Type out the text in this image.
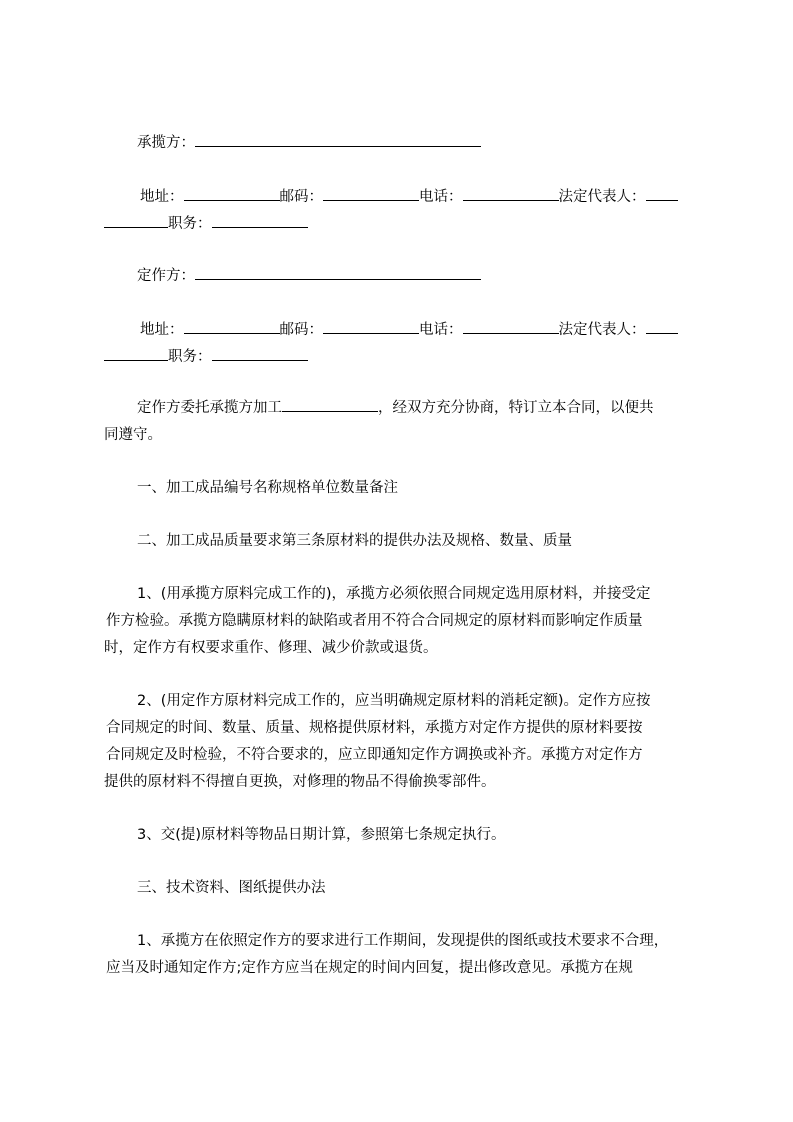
承揽方：
地址：	邮码：	电话：	法定代表人：
职务：
定作方：
地址：	邮码：	电话：	法定代表人：
职务：
定作方委托承揽方加工	，经双方充分协商，特订立本合同，以便共
同遵守。
一、加工成品编号名称规格单位数量备注
二、加工成品质量要求第三条原材料的提供办法及规格、数量、质量
1、(用承揽方原料完成工作的)，承揽方必须依照合同规定选用原材料，并接受定
作方检验。承揽方隐瞒原材料的缺陷或者用不符合合同规定的原材料而影响定作质量
时，定作方有权要求重作、修理、减少价款或退货。
2、(用定作方原材料完成工作的，应当明确规定原材料的消耗定额)。定作方应按
合同规定的时间、数量、质量、规格提供原材料，承揽方对定作方提供的原材料要按
合同规定及时检验，不符合要求的，应立即通知定作方调换或补齐。承揽方对定作方
提供的原材料不得擅自更换，对修理的物品不得偷换零部件。
3、交(提)原材料等物品日期计算，参照第七条规定执行。
三、技术资料、图纸提供办法
1、承揽方在依照定作方的要求进行工作期间，发现提供的图纸或技术要求不合理，
应当及时通知定作方;定作方应当在规定的时间内回复，提出修改意见。承揽方在规
